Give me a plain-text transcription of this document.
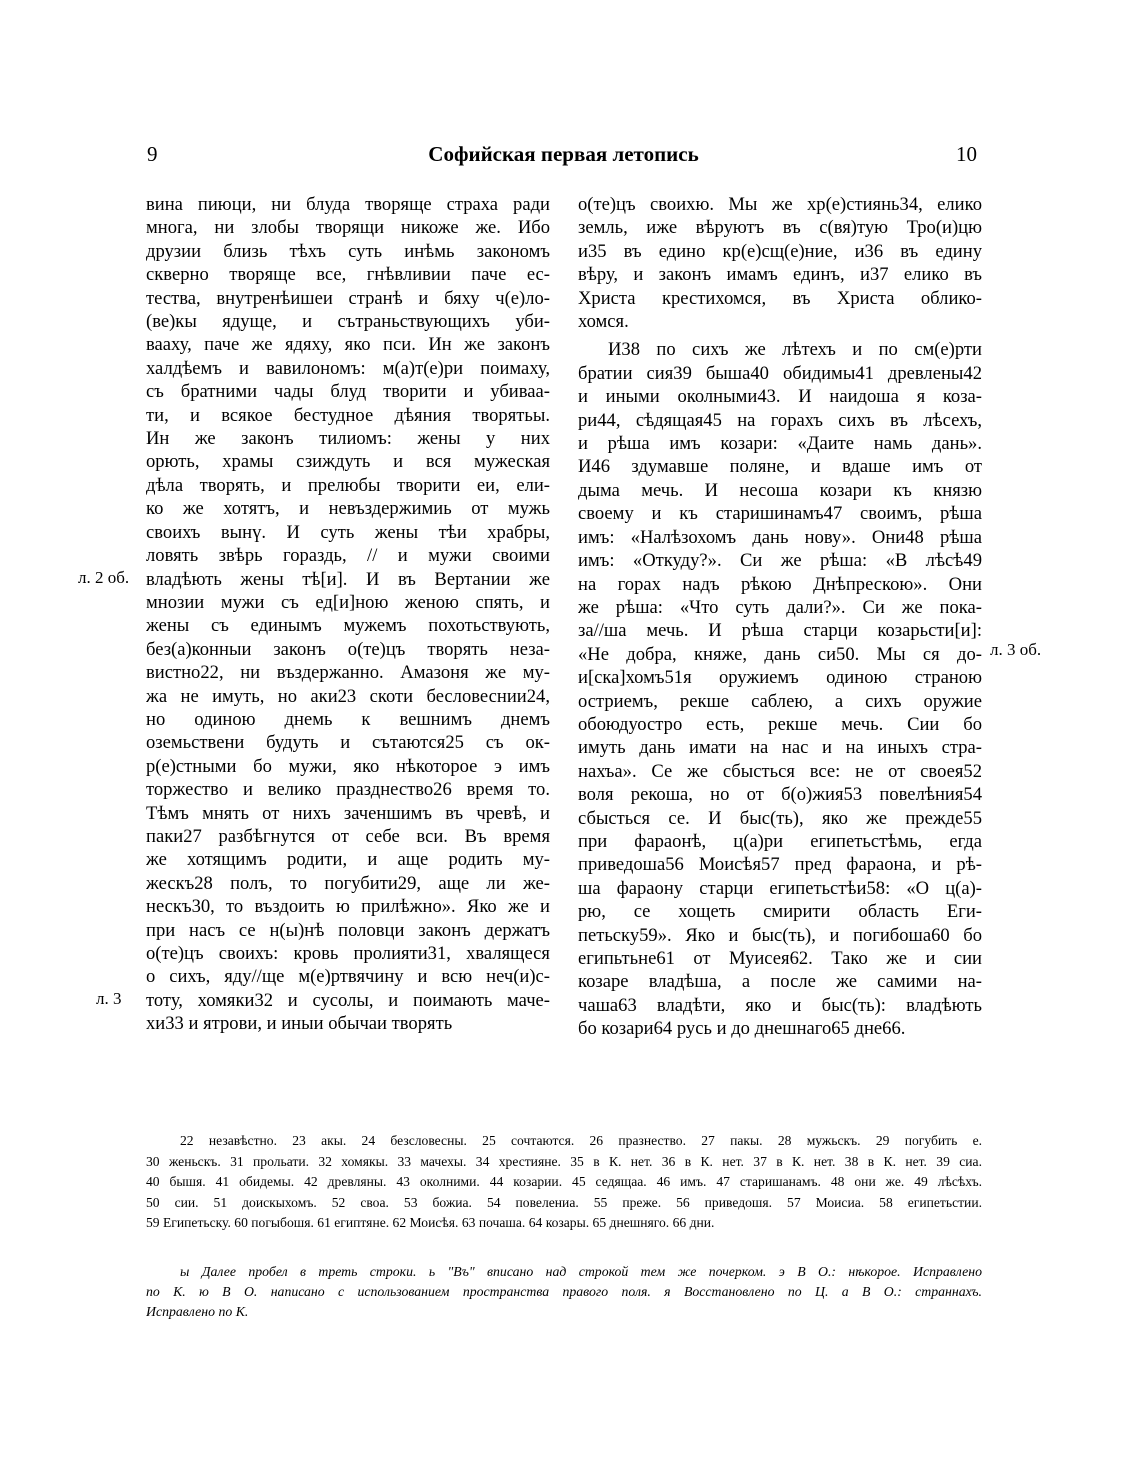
9	Софийская первая летопись	10
вина пиюци, ни блуда творяще страха ради
многа, ни злобы творящи никоже же. Ибо
друзии близь тѣхъ суть инѣмь закономъ
скверно творяще все, гнѣвливии паче ес-
тества, внутренѣишеи странѣ и бяху ч(е)ло-
(ве)кы ядуще, и сътраньствующихъ уби-
вааху, паче же ядяху, яко пси. Ин же законъ
халдѣемъ и вавилономъ: м(а)т(е)ри поимаху,
съ братними чады блуд творити и убиваа-
ти, и всякое бестудное дѣяния творятьы.
Ин же законъ тилиомъ: жены у них
орють, храмы сзиждуть и вся мужеская
дѣла творять, и прелюбы творити еи, ели-
ко же хотятъ, и невъздержимиь от мужь
своихъ вынү. И суть жены тѣи храбры,
ловять звѣрь гораздь, // и мужи своими
владѣють жены тѣ[и]. И въ Вертании же
мнозии мужи съ ед[и]ною женою спять, и
жены съ единымъ мужемъ похотьствують,
без(а)конныи законъ о(те)цъ творять неза-
вистно22, ни въздержанно. Амазоня же му-
жа не имуть, но аки23 скоти бесловеснии24,
но одиною днемь к вешнимъ днемъ
оземьствени будуть и сътаются25 съ ок-
р(е)стными бо мужи, яко нѣкоторое э имъ
торжество и велико празднество26 время то.
Тѣмъ мнять от нихъ заченшимъ въ чревѣ, и
паки27 разбѣгнутся от себе вси. Въ время
же хотящимъ родити, и аще родить му-
жескъ28 полъ, то погубити29, аще ли же-
нескъ30, то въздоить ю прилѣжно». Яко же и
при насъ се н(ы)нѣ половци законъ держатъ
о(те)цъ своихъ: кровь пролияти31, хвалящеся
о сихъ, яду//ще м(е)ртвячину и всю неч(и)с-
тоту, хомяки32 и сусолы, и поимають мачe-
хи33 и ятрови, и иныи обычаи творять
о(те)цъ своихю. Мы же хр(е)стиянь34, елико
земль, иже вѣруютъ въ с(вя)тую Тро(и)цю
и35 въ едино кр(е)сщ(е)ние, и36 въ едину
вѣру, и законъ имамъ единъ, и37 елико въ
Христа крестихомся, въ Христа облико-
хомся.
И38 по сихъ же лѣтехъ и по см(е)рти
братии сия39 быша40 обидимы41 древлены42
и иными околными43. И наидоша я коза-
ри44, сѣдящая45 на горахъ сихъ въ лѣсехъ,
и рѣша имъ козари: «Даите намь дань».
И46 здумавше поляне, и вдаше имъ от
дыма мечь. И несоша козари къ князю
своему и къ старишинамъ47 своимъ, рѣша
имъ: «Налѣзохомъ дань нову». Они48 рѣша
имъ: «Откуду?». Си же рѣша: «В лѣсѣ49
на горах надъ рѣкою Днѣпрескою». Они
же рѣша: «Что суть дали?». Си же пока-
за//ша мечь. И рѣша старци козарьсти[и]:
«Не добра, княже, дань си50. Мы ся до-
и[ска]хомъ51я оружиемъ одиною страною
остриемъ, рекше саблею, а сихъ оружие
обоюдуостро есть, рекше мечь. Сии бо
имуть дань имати на нас и на иныхъ стра-
нахъа». Се же сбысться все: не от своея52
воля рекоша, но от б(о)жия53 повелѣния54
сбысться се. И быс(ть), яко же прежде55
при фараонѣ, ц(а)ри египетьстѣмь, егда
приведоша56 Моисѣя57 пред фараона, и рѣ-
ша фараону старци египетьстѣи58: «О ц(а)-
рю, се хощеть смирити область Еги-
петьску59». Яко и быс(ть), и погибоша60 бо
египьтьне61 от Муисея62. Тако же и сии
козаре владѣша, а после же самими на-
чаша63 владѣти, яко и быс(ть): владѣють
бо козари64 русь и до днешнаго65 дне66.
л. 2 об.
л. 3
л. 3 об.
22 незавѣстно. 23 акы. 24 безсловесны. 25 сочтаются. 26 празнество. 27 пакы. 28 мужьскъ. 29 погубить е.
30 женьскъ. 31 прольати. 32 хомякы. 33 мачехы. 34 хрестияне. 35 в К. нет. 36 в К. нет. 37 в К. нет. 38 в К. нет. 39 сиа.
40 бышя. 41 обидемы. 42 древляны. 43 околними. 44 козарии. 45 седящаа. 46 имъ. 47 старишанамъ. 48 они же. 49 лѣсѣхъ.
50 сии. 51 доискыхомъ. 52 своа. 53 божиа. 54 повелениа. 55 преже. 56 приведошя. 57 Моисиа. 58 египетьстии.
59 Египетьску. 60 погыбошя. 61 египтяне. 62 Моисѣя. 63 почаша. 64 козары. 65 днешняго. 66 дни.
ы Далее пробел в треть строки. ь "Въ" вписано над строкой тем же почерком. э В О.: нѣкорое. Исправлено
по К. ю В О. написано с использованием пространства правого поля. я Восстановлено по Ц. а В О.: страннахъ.
Исправлено по К.
